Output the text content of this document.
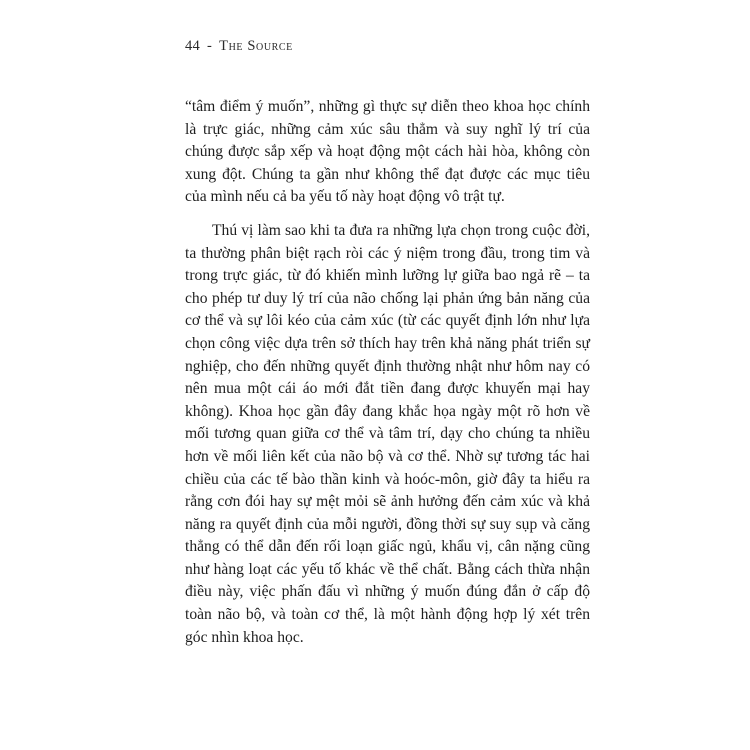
44 - The Source

“tâm điểm ý muốn”, những gì thực sự diễn theo khoa học chính là trực giác, những cảm xúc sâu thẳm và suy nghĩ lý trí của chúng được sắp xếp và hoạt động một cách hài hòa, không còn xung đột. Chúng ta gần như không thể đạt được các mục tiêu của mình nếu cả ba yếu tố này hoạt động vô trật tự.

Thú vị làm sao khi ta đưa ra những lựa chọn trong cuộc đời, ta thường phân biệt rạch ròi các ý niệm trong đầu, trong tim và trong trực giác, từ đó khiến mình lưỡng lự giữa bao ngả rẽ – ta cho phép tư duy lý trí của não chống lại phản ứng bản năng của cơ thể và sự lôi kéo của cảm xúc (từ các quyết định lớn như lựa chọn công việc dựa trên sở thích hay trên khả năng phát triển sự nghiệp, cho đến những quyết định thường nhật như hôm nay có nên mua một cái áo mới đắt tiền đang được khuyến mại hay không). Khoa học gần đây đang khắc họa ngày một rõ hơn về mối tương quan giữa cơ thể và tâm trí, dạy cho chúng ta nhiều hơn về mối liên kết của não bộ và cơ thể. Nhờ sự tương tác hai chiều của các tế bào thần kinh và hoóc-môn, giờ đây ta hiểu ra rằng cơn đói hay sự mệt mỏi sẽ ảnh hưởng đến cảm xúc và khả năng ra quyết định của mỗi người, đồng thời sự suy sụp và căng thẳng có thể dẫn đến rối loạn giấc ngủ, khẩu vị, cân nặng cũng như hàng loạt các yếu tố khác về thể chất. Bằng cách thừa nhận điều này, việc phấn đấu vì những ý muốn đúng đắn ở cấp độ toàn não bộ, và toàn cơ thể, là một hành động hợp lý xét trên góc nhìn khoa học.
